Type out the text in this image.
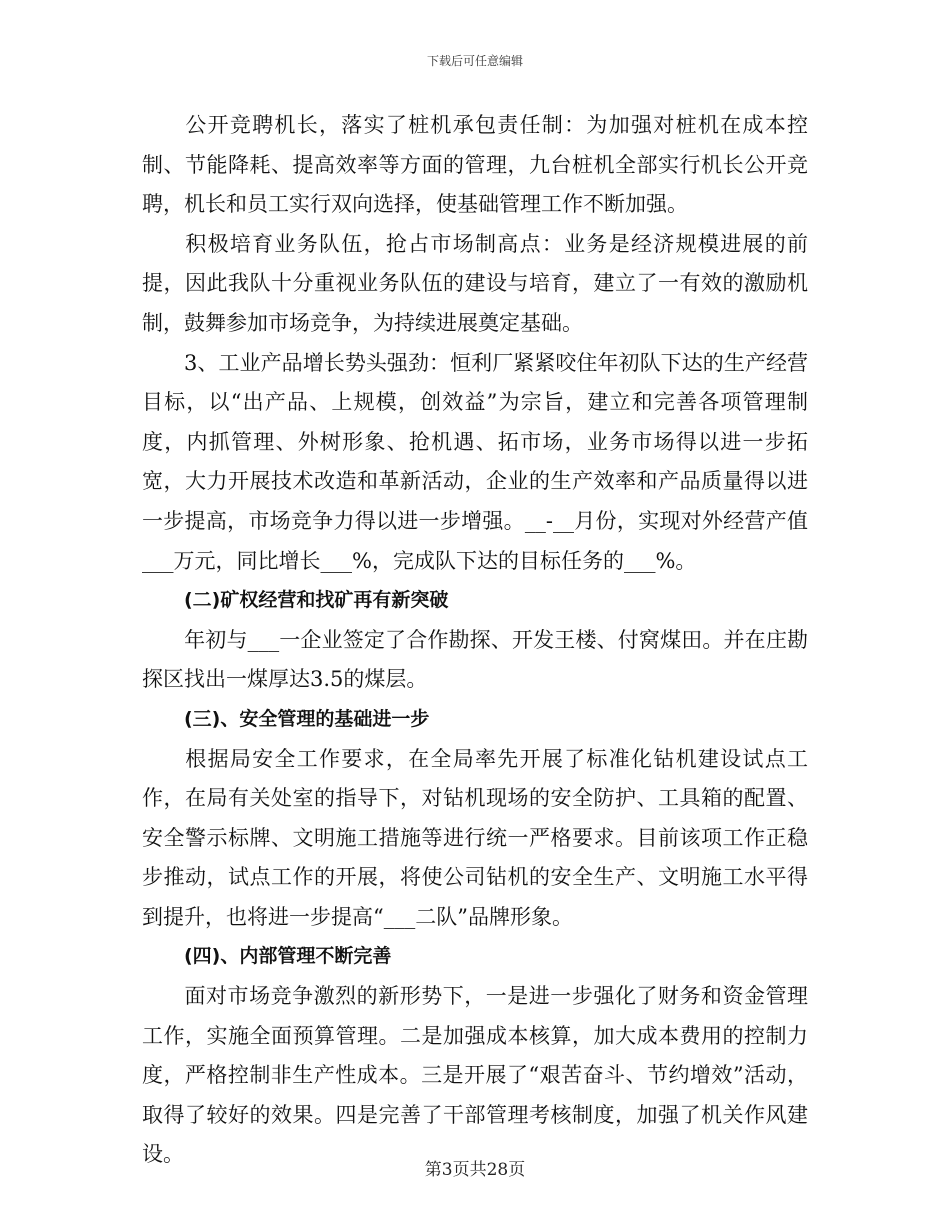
下载后可任意编辑

公开竞聘机长，落实了桩机承包责任制：为加强对桩机在成本控制、节能降耗、提高效率等方面的管理，九台桩机全部实行机长公开竞聘，机长和员工实行双向选择，使基础管理工作不断加强。

积极培育业务队伍，抢占市场制高点：业务是经济规模进展的前提，因此我队十分重视业务队伍的建设与培育，建立了一有效的激励机制，鼓舞参加市场竞争，为持续进展奠定基础。

3、工业产品增长势头强劲：恒利厂紧紧咬住年初队下达的生产经营目标，以“出产品、上规模，创效益”为宗旨，建立和完善各项管理制度，内抓管理、外树形象、抢机遇、拓市场，业务市场得以进一步拓宽，大力开展技术改造和革新活动，企业的生产效率和产品质量得以进一步提高，市场竞争力得以进一步增强。__-__月份，实现对外经营产值___万元，同比增长___%，完成队下达的目标任务的___%。

(二)矿权经营和找矿再有新突破

年初与___一企业签定了合作勘探、开发王楼、付窝煤田。并在庄勘探区找出一煤厚达3.5的煤层。

(三)、安全管理的基础进一步

根据局安全工作要求，在全局率先开展了标准化钻机建设试点工作，在局有关处室的指导下，对钻机现场的安全防护、工具箱的配置、安全警示标牌、文明施工措施等进行统一严格要求。目前该项工作正稳步推动，试点工作的开展，将使公司钻机的安全生产、文明施工水平得到提升，也将进一步提高“___二队”品牌形象。

(四)、内部管理不断完善

面对市场竞争激烈的新形势下，一是进一步强化了财务和资金管理工作，实施全面预算管理。二是加强成本核算，加大成本费用的控制力度，严格控制非生产性成本。三是开展了“艰苦奋斗、节约增效”活动，取得了较好的效果。四是完善了干部管理考核制度，加强了机关作风建设。

第3页共28页
